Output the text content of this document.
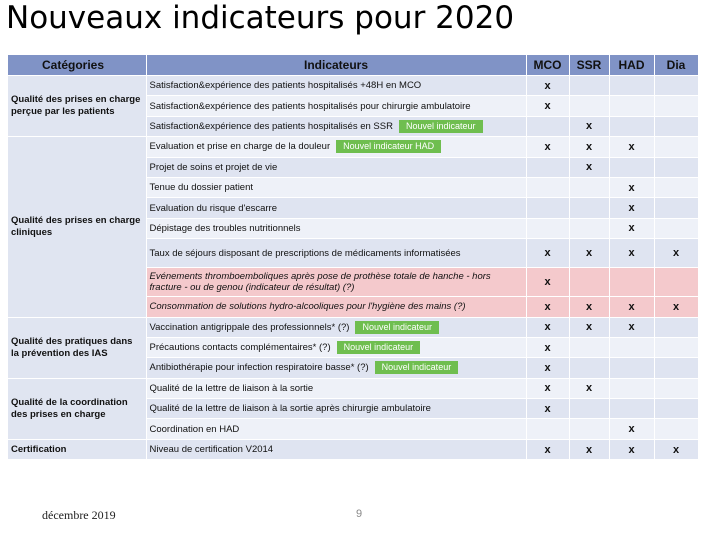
Nouveaux indicateurs pour 2020
Catégories	Indicateurs	MCO	SSR	HAD	Dia
Qualité des prises en charge perçue par les patients	Satisfaction&expérience des patients hospitalisés +48H en MCO	x			
	Satisfaction&expérience des patients hospitalisés pour chirurgie ambulatoire	x			
	Satisfaction&expérience des patients hospitalisés en SSR Nouvel indicateur		x		
Qualité des prises en charge cliniques	Evaluation et prise en charge de la douleur Nouvel indicateur HAD	x	x	x	
	Projet de soins et projet de vie		x		
	Tenue du dossier patient			x	
	Evaluation du risque d'escarre			x	
	Dépistage des troubles nutritionnels			x	
	Taux de séjours disposant de prescriptions de médicaments informatisées	x	x	x	x
	Evénements thromboemboliques après pose de prothèse totale de hanche - hors fracture - ou de genou (indicateur de résultat) (?)	x			
	Consommation de solutions hydro-alcooliques pour l'hygiène des mains (?)	x	x	x	x
Qualité des pratiques dans la prévention des IAS	Vaccination antigrippale des professionnels* (?) Nouvel indicateur	x	x	x	
	Précautions contacts complémentaires* (?) Nouvel indicateur	x			
	Antibiothérapie pour infection respiratoire basse* (?) Nouvel indicateur	x			
Qualité de la coordination des prises en charge	Qualité de la lettre de liaison à la sortie	x	x		
	Qualité de la lettre de liaison à la sortie après chirurgie ambulatoire	x			
	Coordination en HAD			x	
Certification	Niveau de certification V2014	x	x	x	x
décembre 2019	9
